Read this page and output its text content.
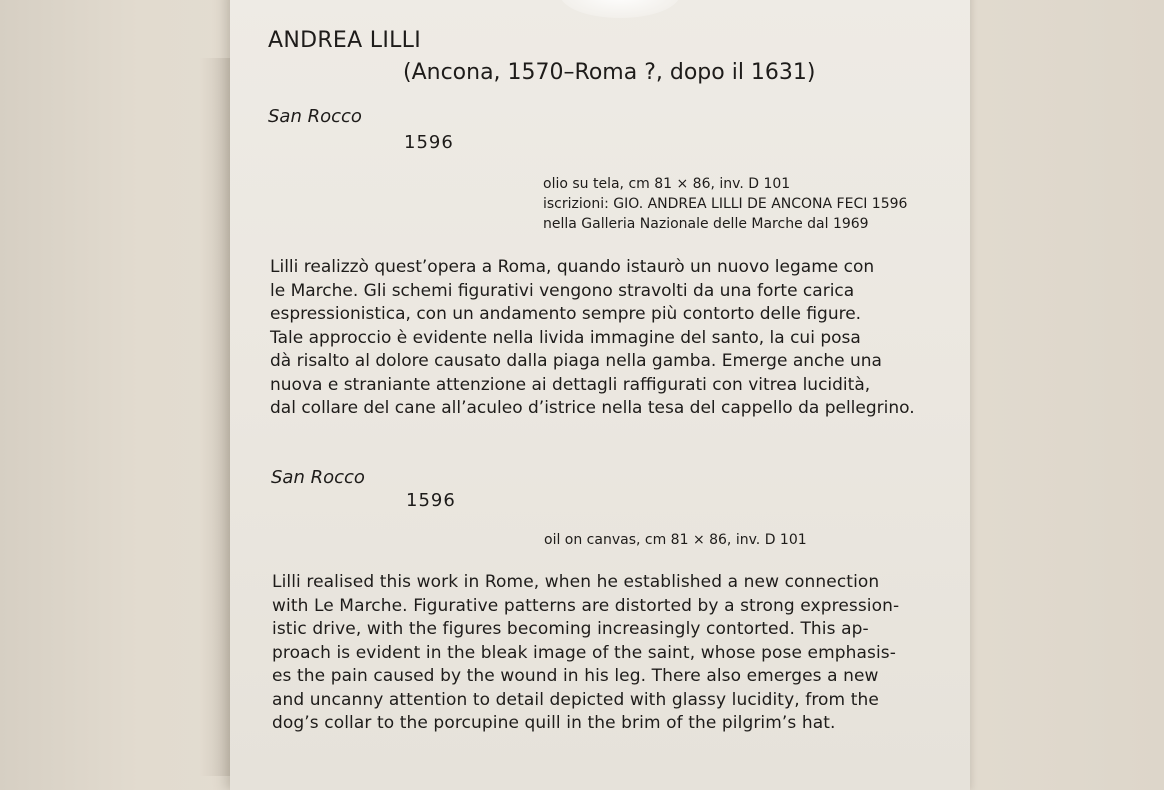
ANDREA LILLI
(Ancona, 1570–Roma ?, dopo il 1631)
San Rocco
1596
olio su tela, cm 81 × 86, inv. D 101
iscrizioni: GIO. ANDREA LILLI DE ANCONA FECI 1596
nella Galleria Nazionale delle Marche dal 1969
Lilli realizzò quest’opera a Roma, quando istaurò un nuovo legame con
le Marche. Gli schemi figurativi vengono stravolti da una forte carica
espressionistica, con un andamento sempre più contorto delle figure.
Tale approccio è evidente nella livida immagine del santo, la cui posa
dà risalto al dolore causato dalla piaga nella gamba. Emerge anche una
nuova e straniante attenzione ai dettagli raffigurati con vitrea lucidità,
dal collare del cane all’aculeo d’istrice nella tesa del cappello da pellegrino.
San Rocco
1596
oil on canvas, cm 81 × 86, inv. D 101
Lilli realised this work in Rome, when he established a new connection
with Le Marche. Figurative patterns are distorted by a strong expression-
istic drive, with the figures becoming increasingly contorted. This ap-
proach is evident in the bleak image of the saint, whose pose emphasis-
es the pain caused by the wound in his leg. There also emerges a new
and uncanny attention to detail depicted with glassy lucidity, from the
dog’s collar to the porcupine quill in the brim of the pilgrim’s hat.
